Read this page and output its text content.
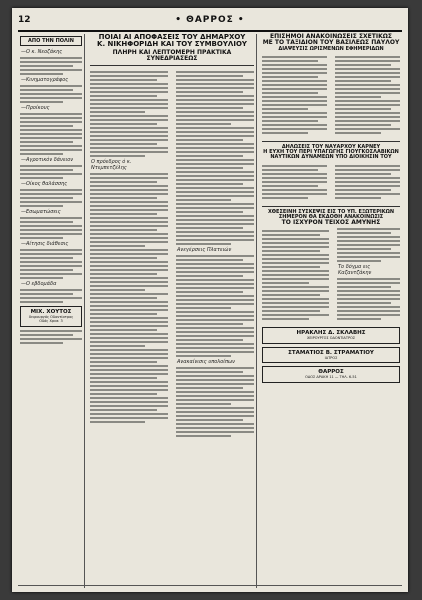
12	• ΘΑΡΡΟΣ •
ΑΠΟ ΤΗΝ ΠΟΛΙΝ
—Ο κ. Νεοζάκης
—Κινηματογράφος
—Προίκους
—Αγροτικόν δάνειον
—Οίκος θαλάσσης
—Εσωματώσεις
—Αίτησις διάθεσις
—Ο εβδομάδα
ΜΙΧ. ΧΟΥΤΟΣ
Χειρουργός Οδοντίατρος
Οδός Χρυσ. 3
ΠΟΙΑΙ ΑΙ ΑΠΟΦΑΣΕΙΣ ΤΟΥ ΔΗΜΑΡΧΟΥ
Κ. ΝΙΚΗΦΟΡΙΔΗ ΚΑΙ ΤΟΥ ΣΥΜΒΟΥΛΙΟΥ
ΠΛΗΡΗ ΚΑΙ ΛΕΠΤΟΜΕΡΗ ΠΡΑΚΤΙΚΑ ΣΥΝΕΔΡΙΑΣΕΩΣ
Ο πρόεδρος ό κ. Ντεμπετζέλης
Ανεγέρσεις Πλατειών
Ανακαίνισις υπολοίπων
ΕΠΙΣΗΜΟΙ ΑΝΑΚΟΙΝΩΣΕΙΣ ΣΧΕΤΙΚΩΣ
ΜΕ ΤΟ ΤΑΞΙΔΙΟΝ ΤΟΥ ΒΑΣΙΛΕΩΣ ΠΑΥΛΟΥ
ΔΙΑΨΕΥΣΙΣ ΩΡΙΣΜΕΝΩΝ ΕΦΗΜΕΡΙΔΩΝ
ΔΗΛΩΣΕΙΣ ΤΟΥ ΝΑΥΑΡΧΟΥ ΚΑΡΝΕΥ
Η ΕΥΧΗ ΤΟΥ ΠΕΡΙ ΥΠΑΓΩΓΗΣ ΓΙΟΥΓΚΟΣΛΑΒΙΚΩΝ
ΝΑΥΤΙΚΩΝ ΔΥΝΑΜΕΩΝ ΥΠΟ ΔΙΟΙΚΗΣΙΝ ΤΟΥ
ΧΘΕΣΕΙΝΗ ΣΥΣΚΕΨΙΣ ΕΙΣ ΤΟ ΥΠ. ΕΞΩΤΕΡΙΚΩΝ
ΣΗΜΕΡΟΝ ΘΑ ΕΚΔΟΘΗ ΑΝΑΚΟΙΝΩΣΙΣ
ΤΟ ΙΣΧΥΡΟΝ ΤΕΙΧΟΣ ΑΜΥΝΗΣ
Το δόγμα εις Καζαντζάκην
ΗΡΑΚΛΗΣ Δ. ΣΚΛΑΒΗΣ
ΧΕΙΡΟΥΡΓΟΣ ΟΔΟΝΤΙΑΤΡΟΣ
ΣΤΑΜΑΤΙΟΣ Β. ΣΤΡΑΜΑΤΙΟΥ
ΙΑΤΡΟΣ
ΘΑΡΡΟΣ
ΟΔΟΣ ΔΡΑΚΗ 11 — ΤΗΛ. 6-51
